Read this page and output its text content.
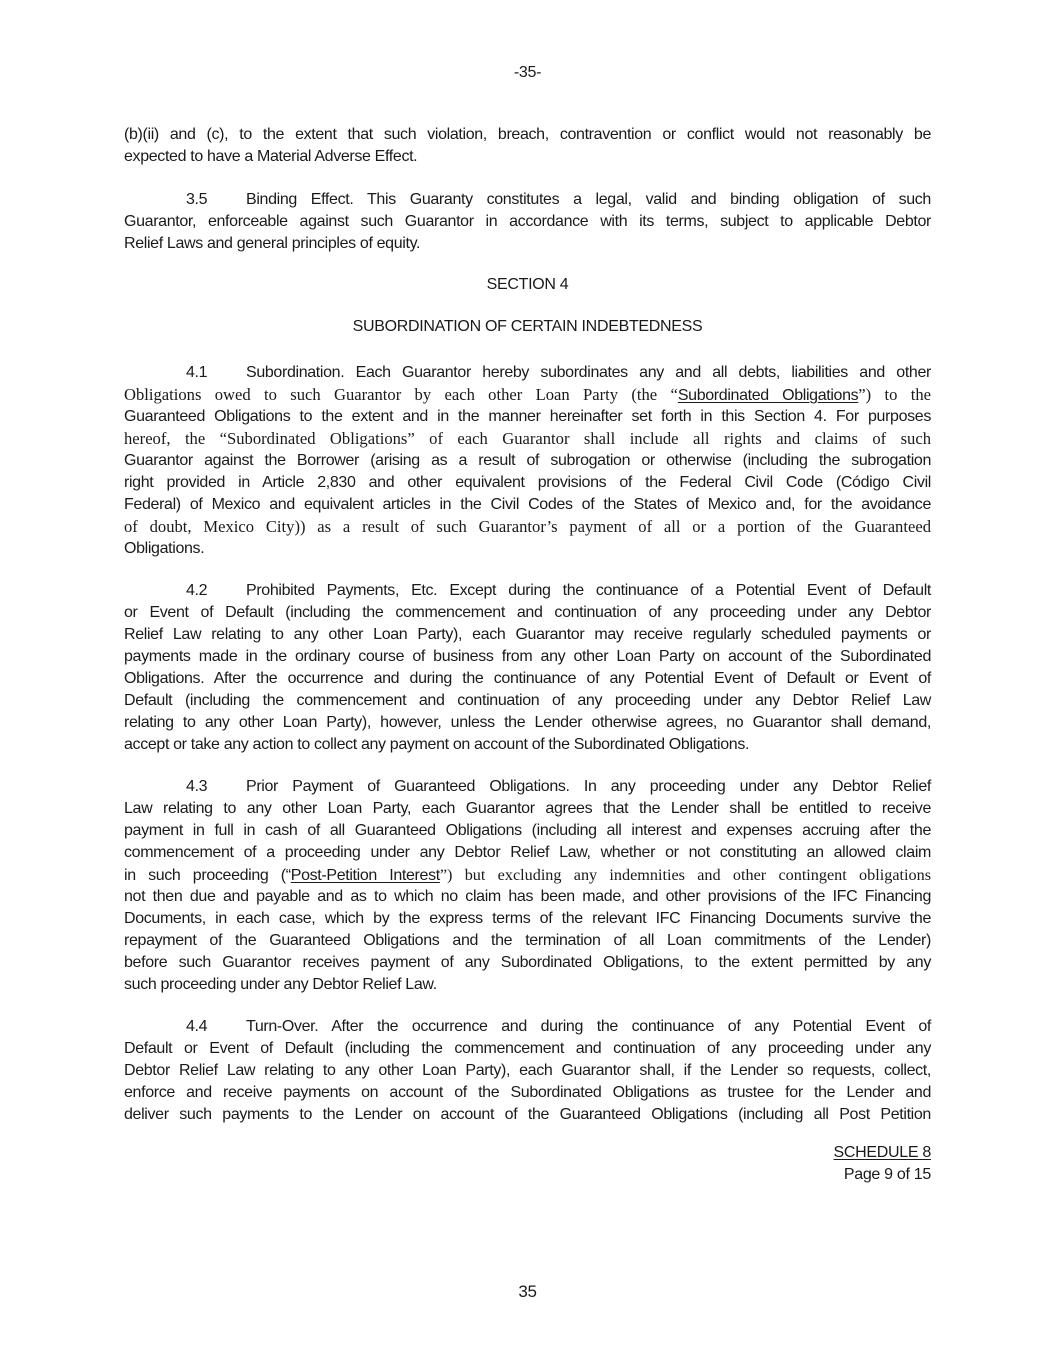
-35-
(b)(ii) and (c), to the extent that such violation, breach, contravention or conflict would not reasonably be
expected to have a Material Adverse Effect.
3.5 Binding Effect. This Guaranty constitutes a legal, valid and binding obligation of such
Guarantor, enforceable against such Guarantor in accordance with its terms, subject to applicable Debtor
Relief Laws and general principles of equity.
SECTION 4
SUBORDINATION OF CERTAIN INDEBTEDNESS
4.1 Subordination. Each Guarantor hereby subordinates any and all debts, liabilities and other
Obligations owed to such Guarantor by each other Loan Party (the “Subordinated Obligations”) to the
Guaranteed Obligations to the extent and in the manner hereinafter set forth in this Section 4. For purposes
hereof, the “Subordinated Obligations” of each Guarantor shall include all rights and claims of such
Guarantor against the Borrower (arising as a result of subrogation or otherwise (including the subrogation
right provided in Article 2,830 and other equivalent provisions of the Federal Civil Code (Código Civil
Federal) of Mexico and equivalent articles in the Civil Codes of the States of Mexico and, for the avoidance
of doubt, Mexico City)) as a result of such Guarantor’s payment of all or a portion of the Guaranteed
Obligations.
4.2 Prohibited Payments, Etc. Except during the continuance of a Potential Event of Default
or Event of Default (including the commencement and continuation of any proceeding under any Debtor
Relief Law relating to any other Loan Party), each Guarantor may receive regularly scheduled payments or
payments made in the ordinary course of business from any other Loan Party on account of the Subordinated
Obligations. After the occurrence and during the continuance of any Potential Event of Default or Event of
Default (including the commencement and continuation of any proceeding under any Debtor Relief Law
relating to any other Loan Party), however, unless the Lender otherwise agrees, no Guarantor shall demand,
accept or take any action to collect any payment on account of the Subordinated Obligations.
4.3 Prior Payment of Guaranteed Obligations. In any proceeding under any Debtor Relief
Law relating to any other Loan Party, each Guarantor agrees that the Lender shall be entitled to receive
payment in full in cash of all Guaranteed Obligations (including all interest and expenses accruing after the
commencement of a proceeding under any Debtor Relief Law, whether or not constituting an allowed claim
in such proceeding (“Post-Petition Interest”) but excluding any indemnities and other contingent obligations
not then due and payable and as to which no claim has been made, and other provisions of the IFC Financing
Documents, in each case, which by the express terms of the relevant IFC Financing Documents survive the
repayment of the Guaranteed Obligations and the termination of all Loan commitments of the Lender)
before such Guarantor receives payment of any Subordinated Obligations, to the extent permitted by any
such proceeding under any Debtor Relief Law.
4.4 Turn-Over. After the occurrence and during the continuance of any Potential Event of
Default or Event of Default (including the commencement and continuation of any proceeding under any
Debtor Relief Law relating to any other Loan Party), each Guarantor shall, if the Lender so requests, collect,
enforce and receive payments on account of the Subordinated Obligations as trustee for the Lender and
deliver such payments to the Lender on account of the Guaranteed Obligations (including all Post Petition
SCHEDULE 8
Page 9 of 15
35
